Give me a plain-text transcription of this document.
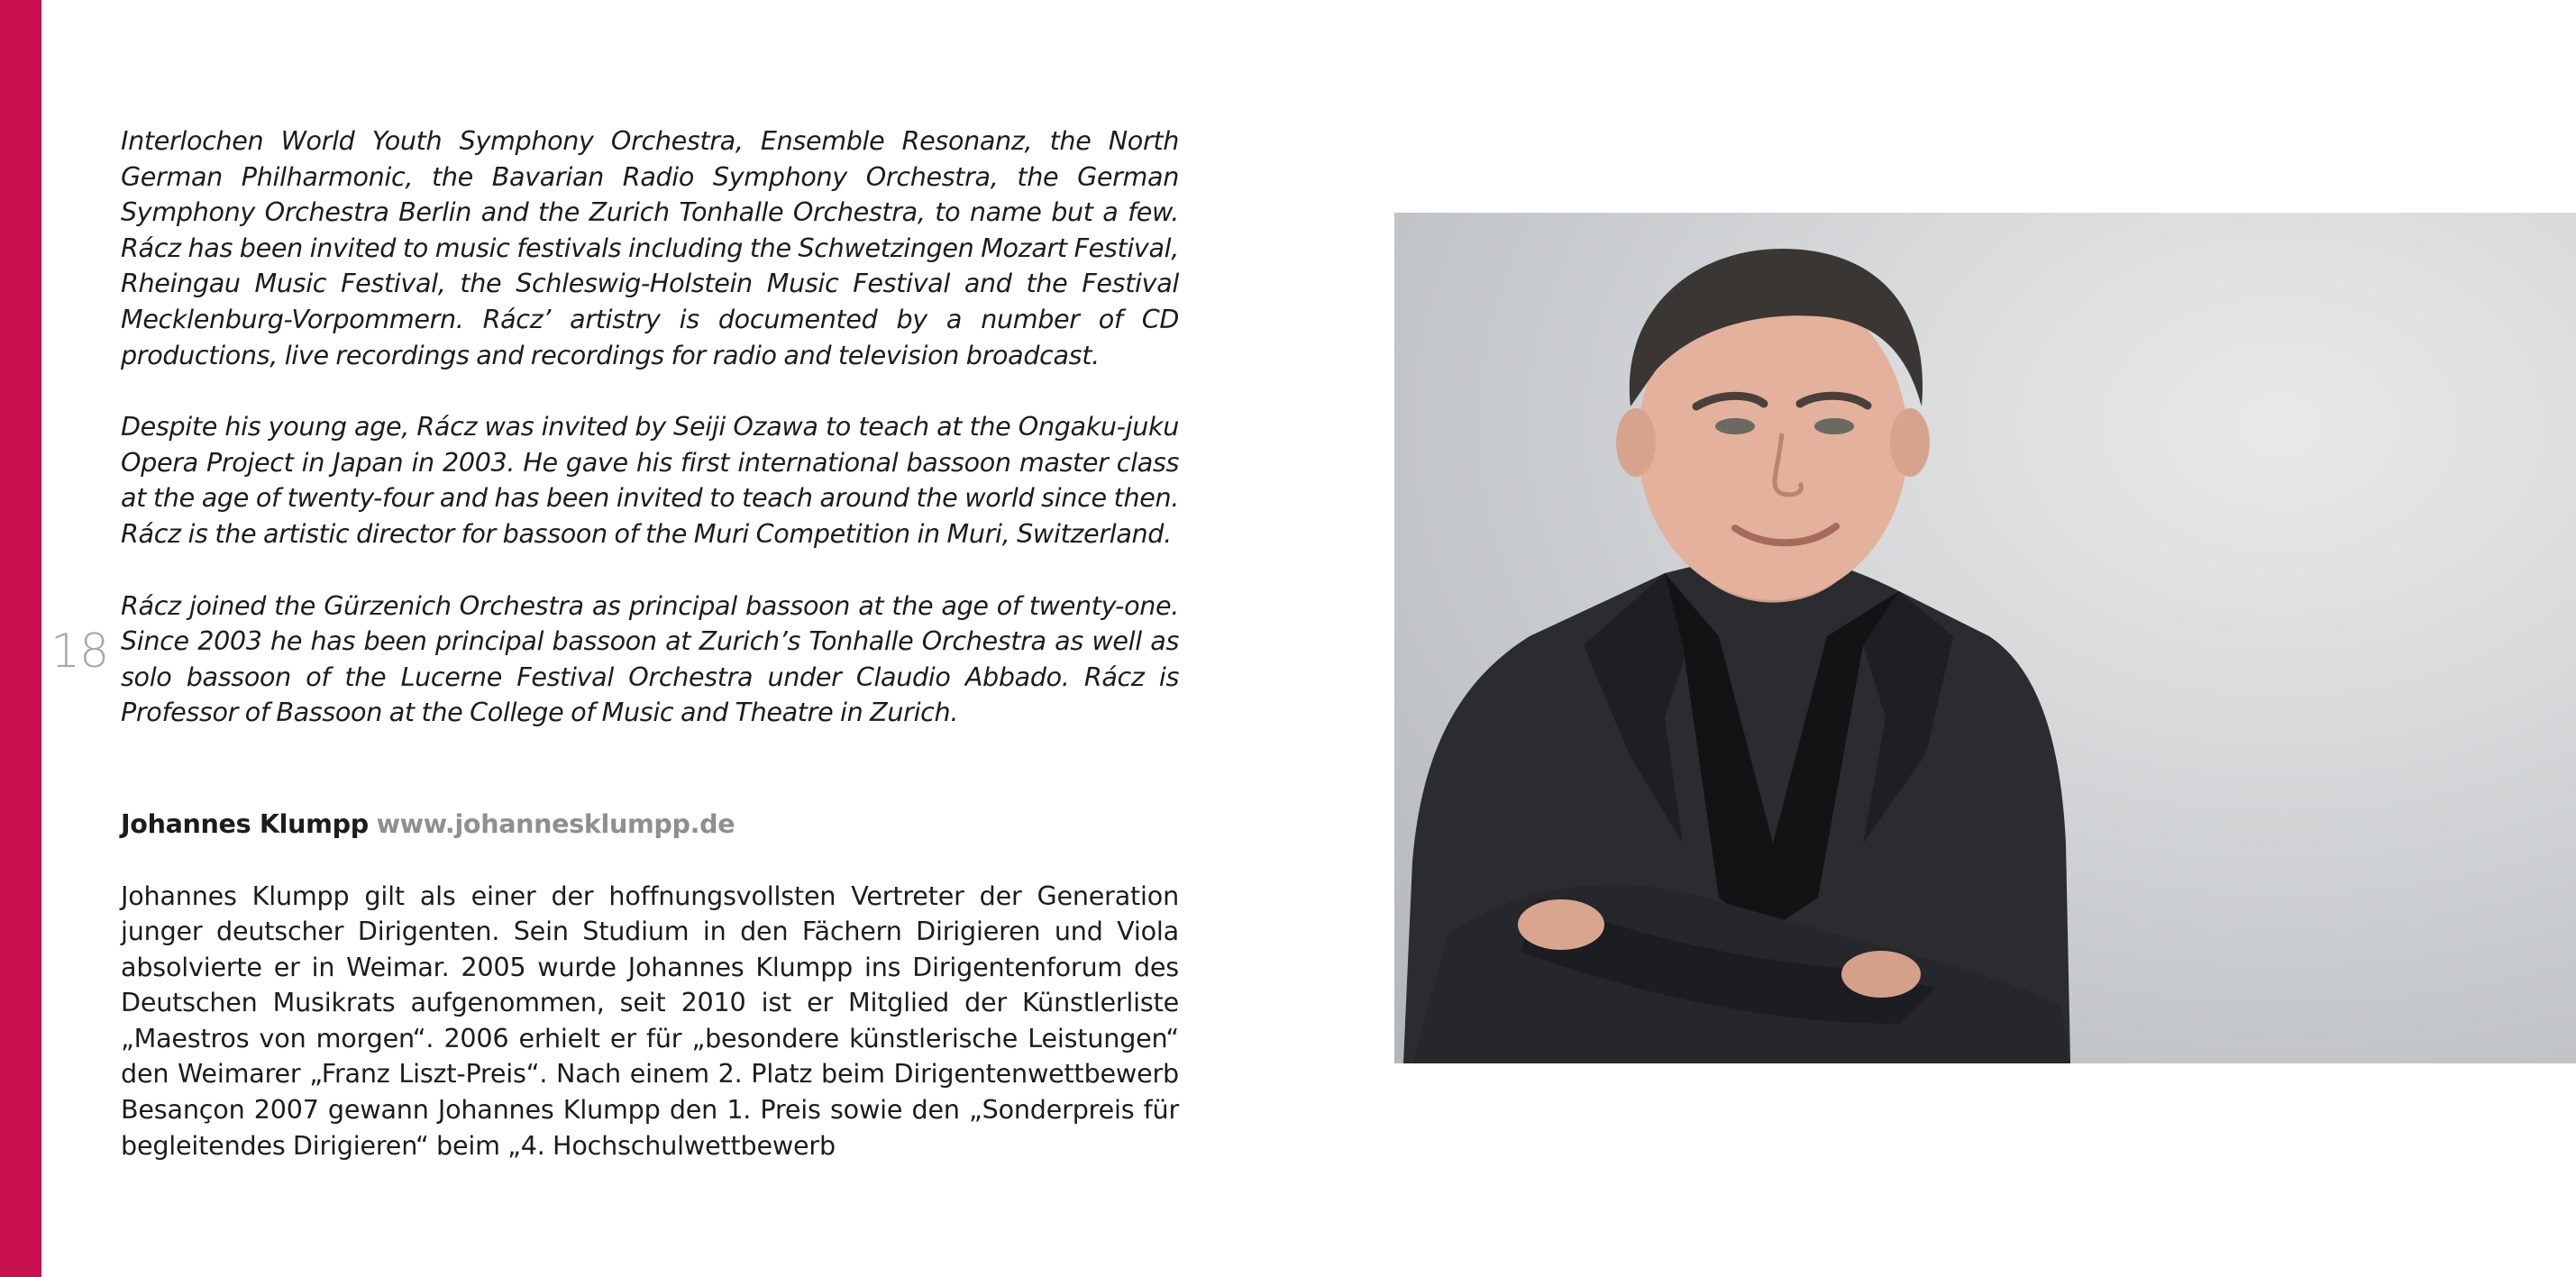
18

Interlochen World Youth Symphony Orchestra, Ensemble Resonanz, the North German Philharmonic, the Bavarian Radio Symphony Orchestra, the German Symphony Orchestra Berlin and the Zurich Tonhalle Orchestra, to name but a few. Rácz has been invited to music festivals including the Schwetzingen Mozart Festival, Rheingau Music Festival, the Schleswig-Holstein Music Festival and the Festival Mecklenburg-Vorpommern. Rácz’ artistry is documented by a number of CD productions, live recordings and recordings for radio and television broadcast.

Despite his young age, Rácz was invited by Seiji Ozawa to teach at the Ongaku-juku Opera Project in Japan in 2003. He gave his first international bassoon master class at the age of twenty-four and has been invited to teach around the world since then. Rácz is the artistic director for bassoon of the Muri Competition in Muri, Switzerland.

Rácz joined the Gürzenich Orchestra as principal bassoon at the age of twenty-one. Since 2003 he has been principal bassoon at Zurich’s Tonhalle Orchestra as well as solo bassoon of the Lucerne Festival Orchestra under Claudio Abbado. Rácz is Professor of Bassoon at the College of Music and Theatre in Zurich.

Johannes Klumpp www.johannesklumpp.de

Johannes Klumpp gilt als einer der hoffnungsvollsten Vertreter der Generation junger deutscher Dirigenten. Sein Studium in den Fächern Dirigieren und Viola absolvierte er in Weimar. 2005 wurde Johannes Klumpp ins Dirigentenforum des Deutschen Musikrats aufgenommen, seit 2010 ist er Mitglied der Künstlerliste „Maestros von morgen“. 2006 erhielt er für „besondere künstlerische Leistungen“ den Weimarer „Franz Liszt-Preis“. Nach einem 2. Platz beim Dirigentenwettbewerb Besançon 2007 gewann Johannes Klumpp den 1. Preis sowie den „Sonderpreis für begleitendes Dirigieren“ beim „4. Hochschulwettbewerb
